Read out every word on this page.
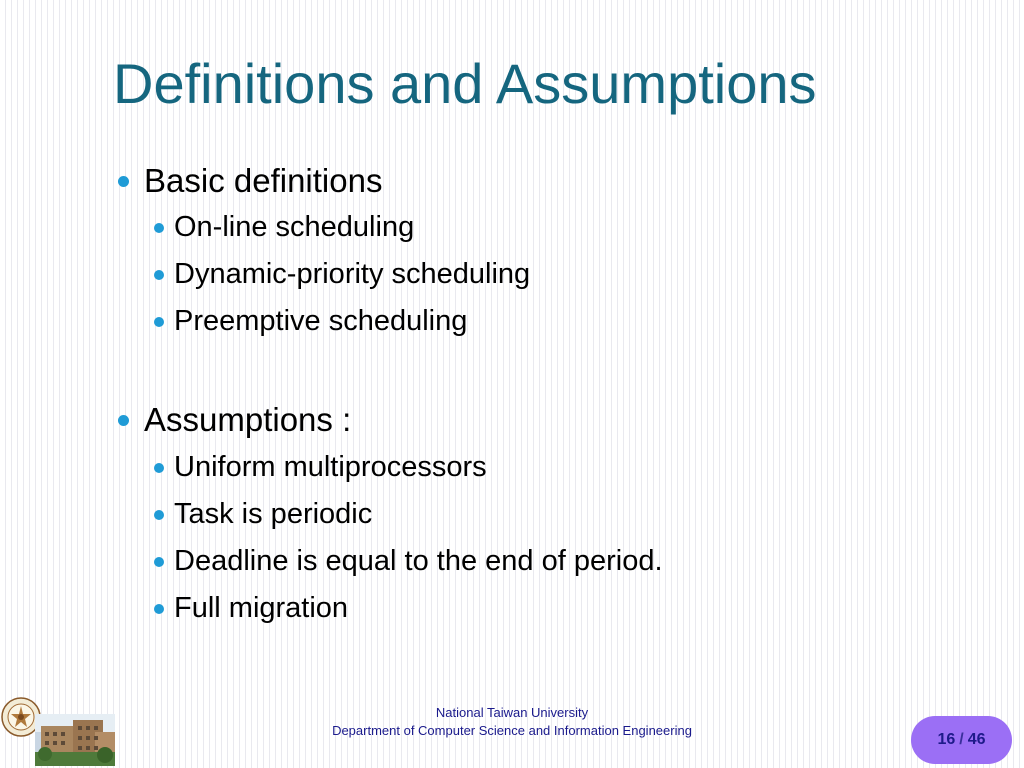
Definitions and Assumptions
Basic definitions
On-line scheduling
Dynamic-priority scheduling
Preemptive scheduling
Assumptions :
Uniform multiprocessors
Task is periodic
Deadline is equal to the end of period.
Full migration
National Taiwan University
Department of Computer Science and Information Engineering
16 / 46
